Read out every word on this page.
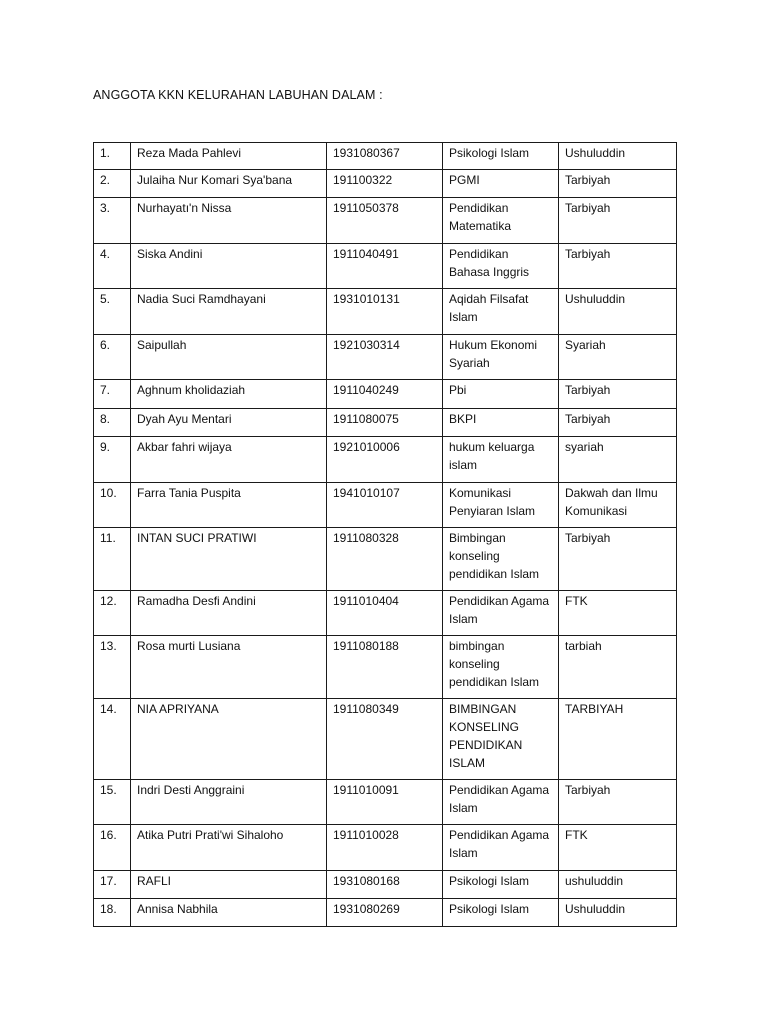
ANGGOTA KKN KELURAHAN LABUHAN DALAM :
1.	Reza Mada Pahlevi	1931080367	Psikologi Islam	Ushuluddin

2.	Julaiha Nur Komari Sya'bana	191100322	PGMI	Tarbiyah

3.	Nurhayatı'n Nissa	1911050378	Pendidikan Matematika	Tarbiyah

4.	Siska Andini	1911040491	Pendidikan Bahasa Inggris	Tarbiyah

5.	Nadia Suci Ramdhayani	1931010131	Aqidah Filsafat Islam	Ushuluddin

6.	Saipullah	1921030314	Hukum Ekonomi Syariah	Syariah

7.	Aghnum kholidaziah	1911040249	Pbi	Tarbiyah

8.	Dyah Ayu Mentari	1911080075	BKPI	Tarbiyah

9.	Akbar fahri wijaya	1921010006	hukum keluarga islam	syariah

10.	Farra Tania Puspita	1941010107	Komunikasi Penyiaran Islam	Dakwah dan Ilmu Komunikasi

11.	INTAN SUCI PRATIWI	1911080328	Bimbingan konseling pendidikan Islam	Tarbiyah

12.	Ramadha Desfi Andini	1911010404	Pendidikan Agama Islam	FTK

13.	Rosa murti Lusiana	1911080188	bimbingan konseling pendidikan Islam	tarbiah

14.	NIA APRIYANA	1911080349	BIMBINGAN KONSELING PENDIDIKAN ISLAM	TARBIYAH

15.	Indri Desti Anggraini	1911010091	Pendidikan Agama Islam	Tarbiyah

16.	Atika Putri Prati'wi Sihaloho	1911010028	Pendidikan Agama Islam	FTK

17.	RAFLI	1931080168	Psikologi Islam	ushuluddin

18.	Annisa Nabhila	1931080269	Psikologi Islam	Ushuluddin
